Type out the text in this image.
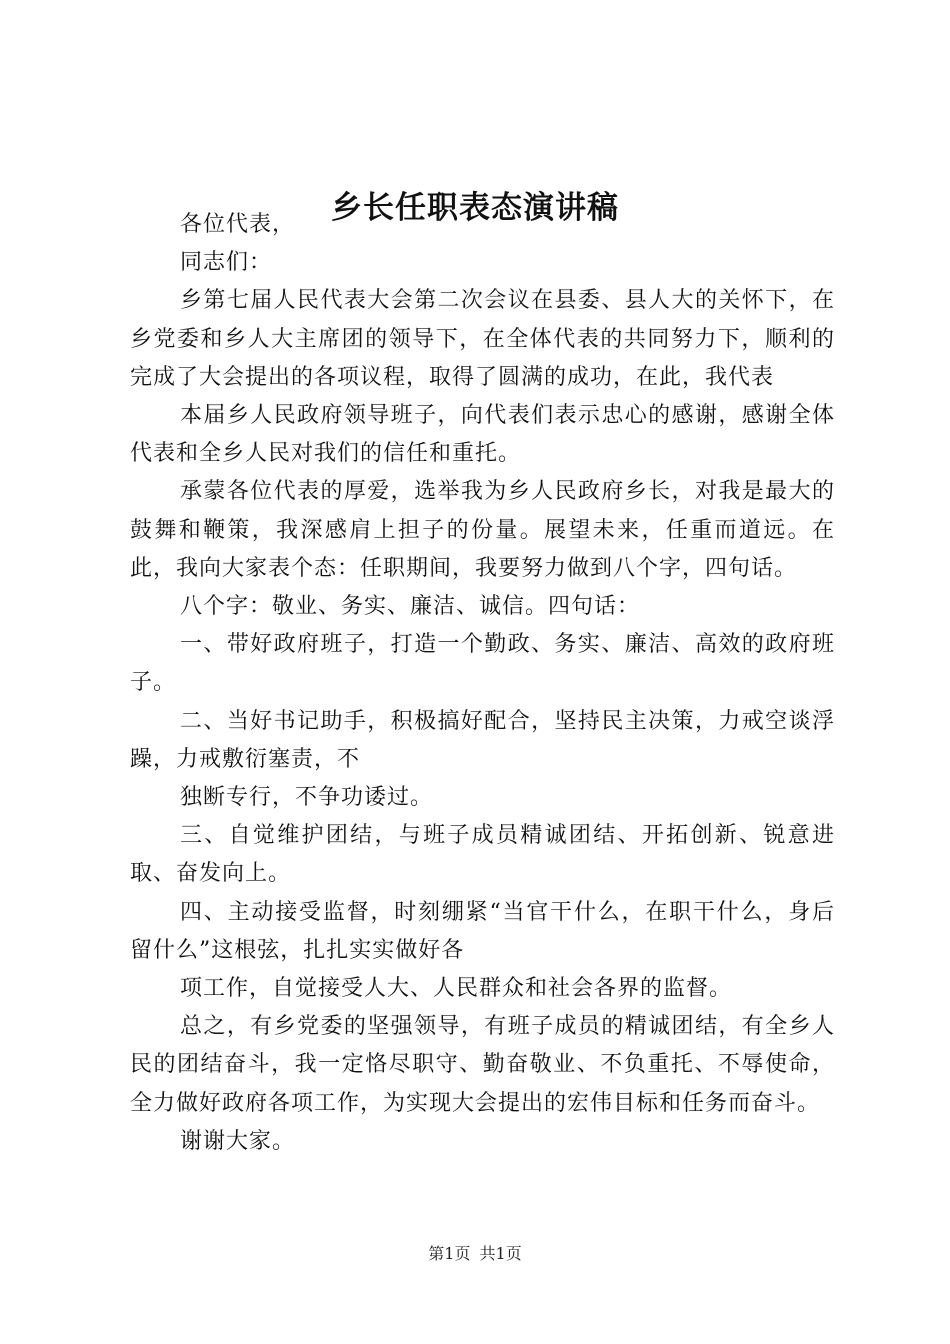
乡长任职表态演讲稿

各位代表，

同志们：

乡第七届人民代表大会第二次会议在县委、县人大的关怀下，在乡党委和乡人大主席团的领导下，在全体代表的共同努力下，顺利的完成了大会提出的各项议程，取得了圆满的成功，在此，我代表

本届乡人民政府领导班子，向代表们表示忠心的感谢，感谢全体代表和全乡人民对我们的信任和重托。

承蒙各位代表的厚爱，选举我为乡人民政府乡长，对我是最大的鼓舞和鞭策，我深感肩上担子的份量。展望未来，任重而道远。在此，我向大家表个态：任职期间，我要努力做到八个字，四句话。

八个字：敬业、务实、廉洁、诚信。四句话：

一、带好政府班子，打造一个勤政、务实、廉洁、高效的政府班子。

二、当好书记助手，积极搞好配合，坚持民主决策，力戒空谈浮躁，力戒敷衍塞责，不

独断专行，不争功诿过。

三、自觉维护团结，与班子成员精诚团结、开拓创新、锐意进取、奋发向上。

四、主动接受监督，时刻绷紧“当官干什么，在职干什么，身后留什么”这根弦，扎扎实实做好各

项工作，自觉接受人大、人民群众和社会各界的监督。

总之，有乡党委的坚强领导，有班子成员的精诚团结，有全乡人民的团结奋斗，我一定恪尽职守、勤奋敬业、不负重托、不辱使命，全力做好政府各项工作，为实现大会提出的宏伟目标和任务而奋斗。

谢谢大家。

第1页 共1页
